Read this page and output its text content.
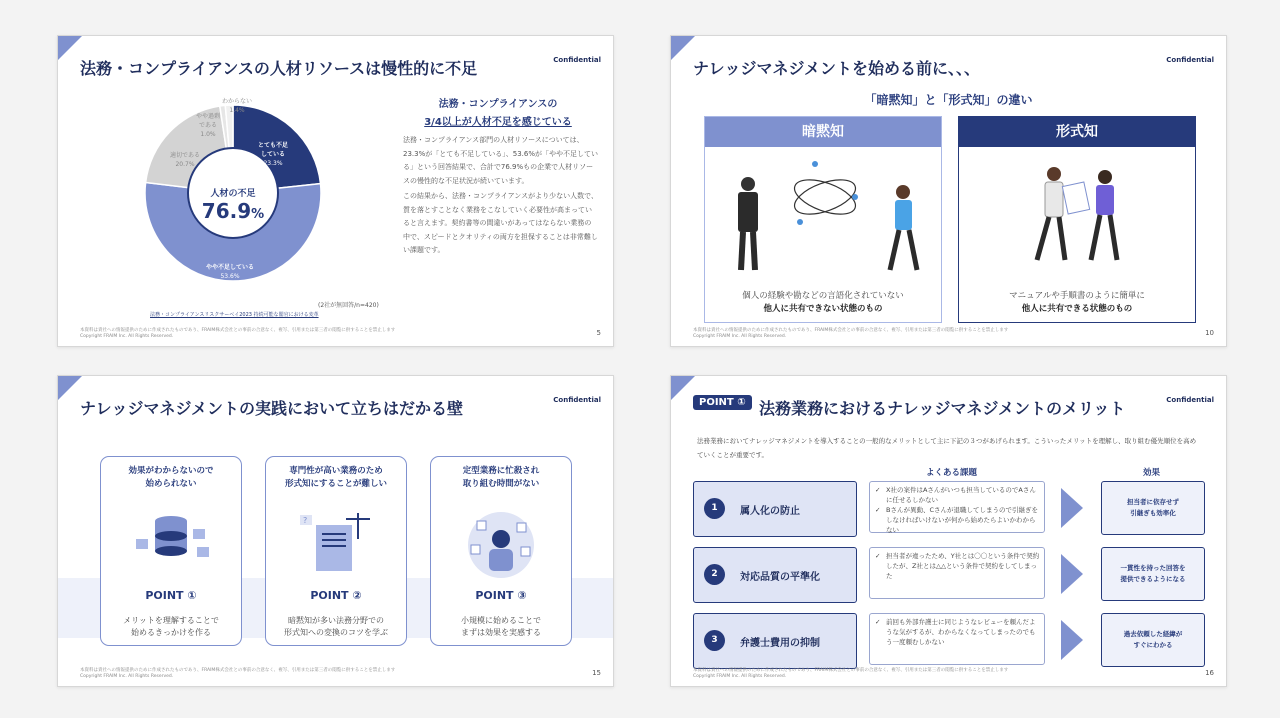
法務・コンプライアンスの人材リソースは慢性的に不足	Confidential
人材の不足
76.9%
とても不足
している
23.3%
やや不足している
53.6%
適切である
20.7%
やや過剰
である
1.0%
わからない
1.4%
法務・コンプライアンスの
3/4以上が人材不足を感じている
法務・コンプライアンス部門の人材リソースについては、23.3%が「とても不足している」、53.6%が「やや不足している」という回答結果で、合計で76.9%もの企業で人材リソースの慢性的な不足状況が続いています。
この結果から、法務・コンプライアンスがより少ない人数で、質を落とすことなく業務をこなしていく必要性が高まっていると言えます。契約書等の間違いがあってはならない業務の中で、スピードとクオリティの両方を担保することは非常難しい課題です。
(2社が無回答/n=420)
法務・コンプライアンスリスクサーベイ2023 持続可能な閣官における変革
本資料は貴社への情報提供のために作成されたものであり、FRAIM株式会社との事前の合意なく、複写、引用または第三者の閲覧に供することを禁止します
Copyright FRAIM Inc. All Rights Reserved.	5
ナレッジマネジメントを始める前に、、、	Confidential
「暗黙知」と「形式知」の違い
暗黙知
個人の経験や勘などの言語化されていない
他人に共有できない状態のもの
形式知
マニュアルや手順書のように簡単に
他人に共有できる状態のもの
本資料は貴社への情報提供のために作成されたものであり、FRAIM株式会社との事前の合意なく、複写、引用または第三者の閲覧に供することを禁止します
Copyright FRAIM Inc. All Rights Reserved.	10
ナレッジマネジメントの実践において立ちはだかる壁	Confidential
効果がわからないので
始められない
POINT ①
メリットを理解することで
始めるきっかけを作る
専門性が高い業務のため
形式知にすることが難しい
?
POINT ②
暗黙知が多い法務分野での
形式知への変換のコツを学ぶ
定型業務に忙殺され
取り組む時間がない
POINT ③
小規模に始めることで
まずは効果を実感する
本資料は貴社への情報提供のために作成されたものであり、FRAIM株式会社との事前の合意なく、複写、引用または第三者の閲覧に供することを禁止します
Copyright FRAIM Inc. All Rights Reserved.	15
POINT ① 法務業務におけるナレッジマネジメントのメリット	Confidential
法務業務においてナレッジマネジメントを導入することの一般的なメリットとして主に下記の３つがあげられます。こういったメリットを理解し、取り組む優先順位を高めていくことが重要です。
よくある課題	効果
1	属人化の防止
✓ X社の案件はAさんがいつも担当しているのでAさんに任せるしかない
✓ Bさんが異動、Cさんが退職してしまうので引継ぎをしなければいけないが何から始めたらよいかわからない
担当者に依存せず
引継ぎも効率化
2	対応品質の平準化
✓ 担当者が違ったため、Y社とは〇〇という条件で契約したが、Z社とは△△という条件で契約をしてしまった
一貫性を持った回答を
提供できるようになる
3	弁護士費用の抑制
✓ 前回も外部弁護士に同じようなレビューを頼んだような気がするが、わからなくなってしまったのでもう一度頼むしかない
過去依頼した経緯が
すぐにわかる
本資料は貴社への情報提供のために作成されたものであり、FRAIM株式会社との事前の合意なく、複写、引用または第三者の閲覧に供することを禁止します
Copyright FRAIM Inc. All Rights Reserved.	16
